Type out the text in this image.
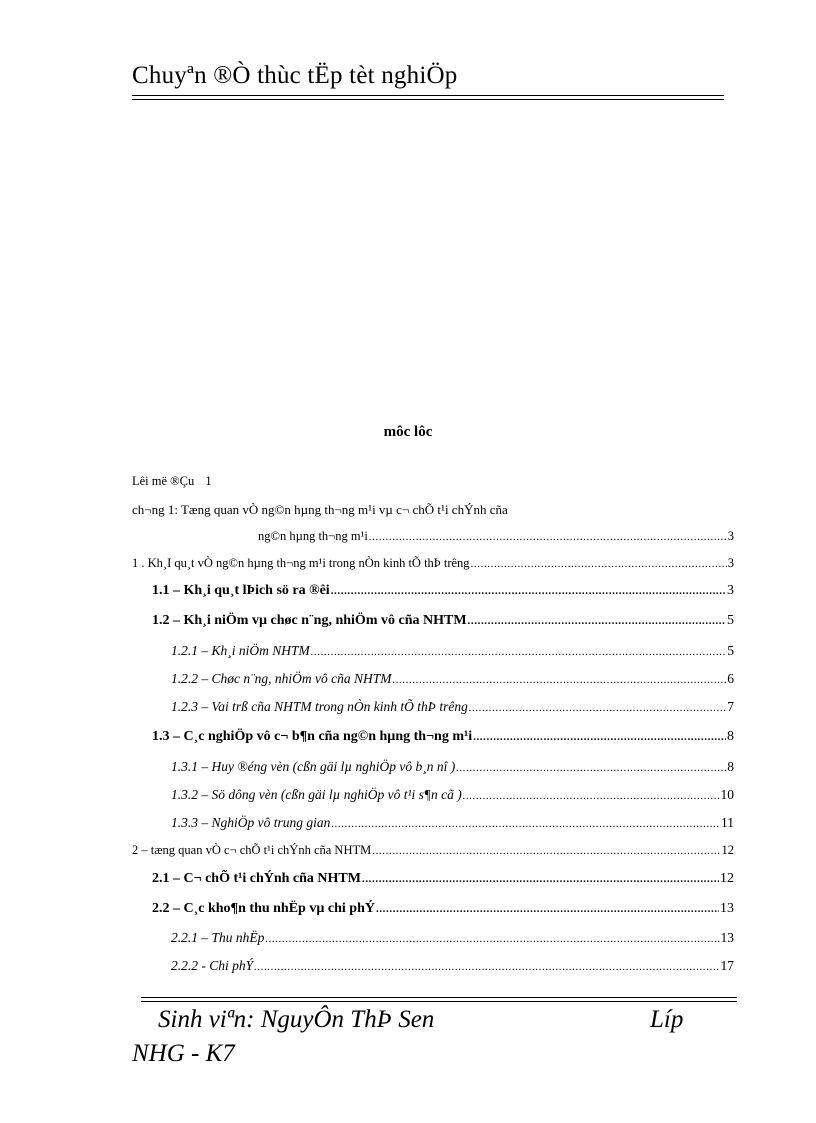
Chuyªn ®Ò thùc tËp tèt nghiÖp
môc lôc
Lêi më ®Çu 1
ch¬ng 1: Tæng quan vÒ ng©n hµng th¬ng m¹i vµ c¬ chÕ t¹i chÝnh cña
ng©n hµng th¬ng m¹i .....	3
1 . Kh¸I qu¸t vÒ ng©n hµng th¬ng m¹i trong nÒn kinh tÕ thÞ trêng .....	3
1.1 – Kh¸i qu¸t lÞich sö ra ®êi .....	3
1.2 – Kh¸i niÖm vµ chøc n¨ng, nhiÖm vô cña NHTM .....	5
1.2.1 – Kh¸i niÖm NHTM .....	5
1.2.2 – Chøc n¨ng, nhiÖm vô cña NHTM .....	6
1.2.3 – Vai trß cña NHTM trong nÒn kinh tÕ thÞ trêng .....	7
1.3 – C¸c nghiÖp vô c¬ b¶n cña ng©n hµng th¬ng m¹i .....	8
1.3.1 – Huy ®éng vèn (cßn gäi lµ nghiÖp vô b¸n nî ) .....	8
1.3.2 – Sö dông vèn (cßn gäi lµ nghiÖp vô t¹i s¶n cã ) .....	10
1.3.3 – NghiÖp vô trung gian .....	11
2 – tæng quan vÒ c¬ chÕ t¹i chÝnh cña NHTM .....	12
2.1 – C¬ chÕ t¹i chÝnh cña NHTM .....	12
2.2 – C¸c kho¶n thu nhËp vµ chi phÝ .....	13
2.2.1 – Thu nhËp .....	13
2.2.2 - Chi phÝ .....	17
Sinh viªn: NguyÔn ThÞ Sen	Líp
NHG - K7
